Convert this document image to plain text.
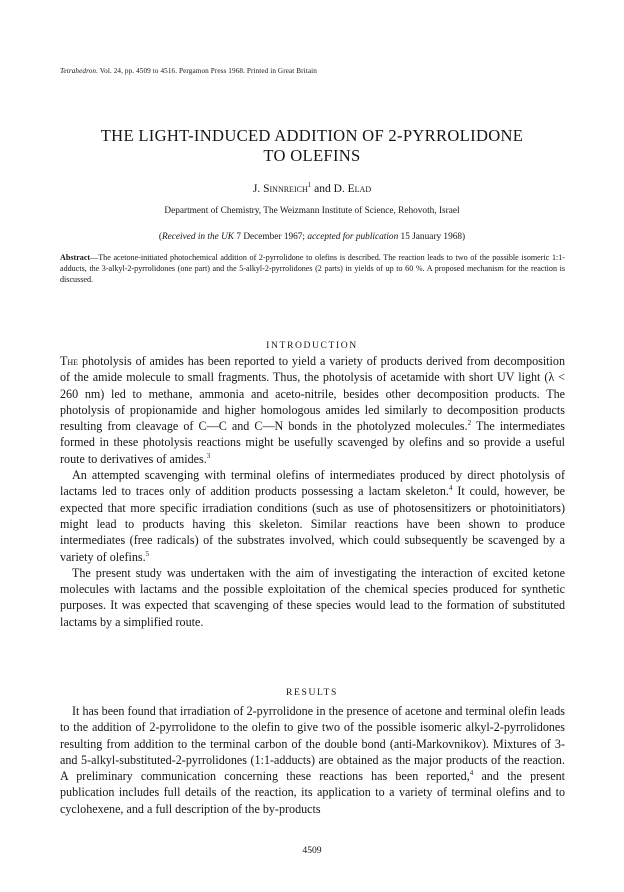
Tetrahedron. Vol. 24, pp. 4509 to 4516. Pergamon Press 1968. Printed in Great Britain
THE LIGHT-INDUCED ADDITION OF 2-PYRROLIDONE
TO OLEFINS
J. Sinnreich$^1$ and D. Elad
Department of Chemistry, The Weizmann Institute of Science, Rehovoth, Israel
(Received in the UK 7 December 1967; accepted for publication 15 January 1968)
Abstract—The acetone-initiated photochemical addition of 2-pyrrolidone to olefins is described. The reaction leads to two of the possible isomeric 1:1-adducts, the 3-alkyl-2-pyrrolidones (one part) and the 5-alkyl-2-pyrrolidones (2 parts) in yields of up to 60 %. A proposed mechanism for the reaction is discussed.
INTRODUCTION

The photolysis of amides has been reported to yield a variety of products derived from decomposition of the amide molecule to small fragments. Thus, the photolysis of acetamide with short UV light (λ < 260 nm) led to methane, ammonia and aceto-nitrile, besides other decomposition products. The photolysis of propionamide and higher homologous amides led similarly to decomposition products resulting from cleavage of C—C and C—N bonds in the photolyzed molecules.$^2$ The intermediates formed in these photolysis reactions might be usefully scavenged by olefins and so provide a useful route to derivatives of amides.$^3$

An attempted scavenging with terminal olefins of intermediates produced by direct photolysis of lactams led to traces only of addition products possessing a lactam skeleton.$^4$ It could, however, be expected that more specific irradiation conditions (such as use of photosensitizers or photoinitiators) might lead to products having this skeleton. Similar reactions have been shown to produce intermediates (free radicals) of the substrates involved, which could subsequently be scavenged by a variety of olefins.$^5$

The present study was undertaken with the aim of investigating the interaction of excited ketone molecules with lactams and the possible exploitation of the chemical species produced for synthetic purposes. It was expected that scavenging of these species would lead to the formation of substituted lactams by a simplified route.

RESULTS

It has been found that irradiation of 2-pyrrolidone in the presence of acetone and terminal olefin leads to the addition of 2-pyrrolidone to the olefin to give two of the possible isomeric alkyl-2-pyrrolidones resulting from addition to the terminal carbon of the double bond (anti-Markovnikov). Mixtures of 3- and 5-alkyl-substituted-2-pyrrolidones (1:1-adducts) are obtained as the major products of the reaction. A preliminary communication concerning these reactions has been reported,$^4$ and the present publication includes full details of the reaction, its application to a variety of terminal olefins and to cyclohexene, and a full description of the by-products

4509
